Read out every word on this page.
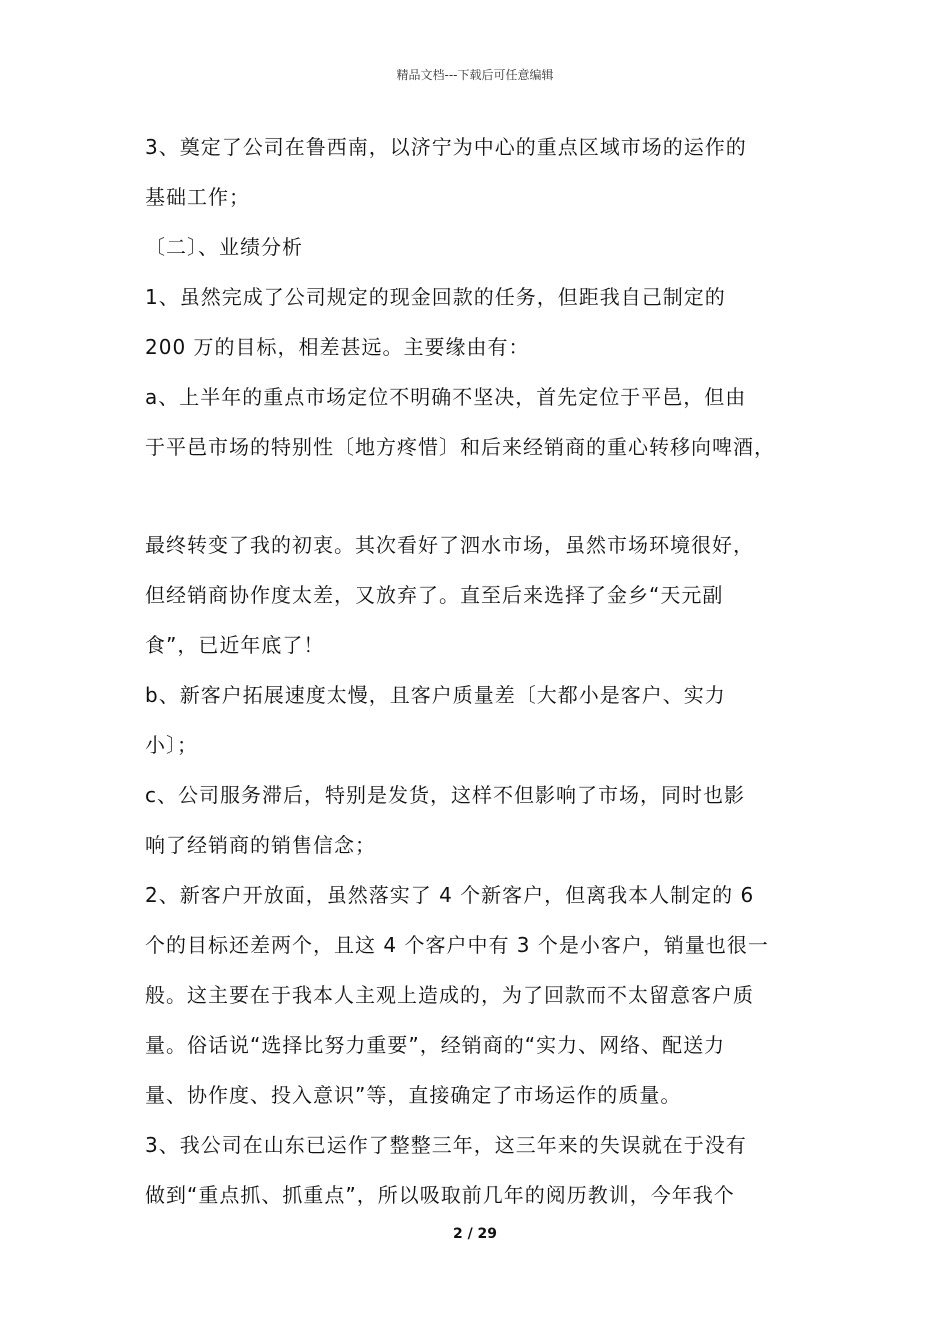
精品文档---下载后可任意编辑
3、奠定了公司在鲁西南，以济宁为中心的重点区域市场的运作的
基础工作；
〔二〕、业绩分析
1、虽然完成了公司规定的现金回款的任务，但距我自己制定的
200 万的目标，相差甚远。主要缘由有：
a、上半年的重点市场定位不明确不坚决，首先定位于平邑，但由
于平邑市场的特别性〔地方疼惜〕和后来经销商的重心转移向啤酒，
最终转变了我的初衷。其次看好了泗水市场，虽然市场环境很好，
但经销商协作度太差，又放弃了。直至后来选择了金乡“天元副
食”，已近年底了！
b、新客户拓展速度太慢，且客户质量差〔大都小是客户、实力
小〕；
c、公司服务滞后，特别是发货，这样不但影响了市场，同时也影
响了经销商的销售信念；
2、新客户开放面，虽然落实了 4 个新客户，但离我本人制定的 6
个的目标还差两个，且这 4 个客户中有 3 个是小客户，销量也很一
般。这主要在于我本人主观上造成的，为了回款而不太留意客户质
量。俗话说“选择比努力重要”，经销商的“实力、网络、配送力
量、协作度、投入意识”等，直接确定了市场运作的质量。
3、我公司在山东已运作了整整三年，这三年来的失误就在于没有
做到“重点抓、抓重点”，所以吸取前几年的阅历教训，今年我个
2 / 29
